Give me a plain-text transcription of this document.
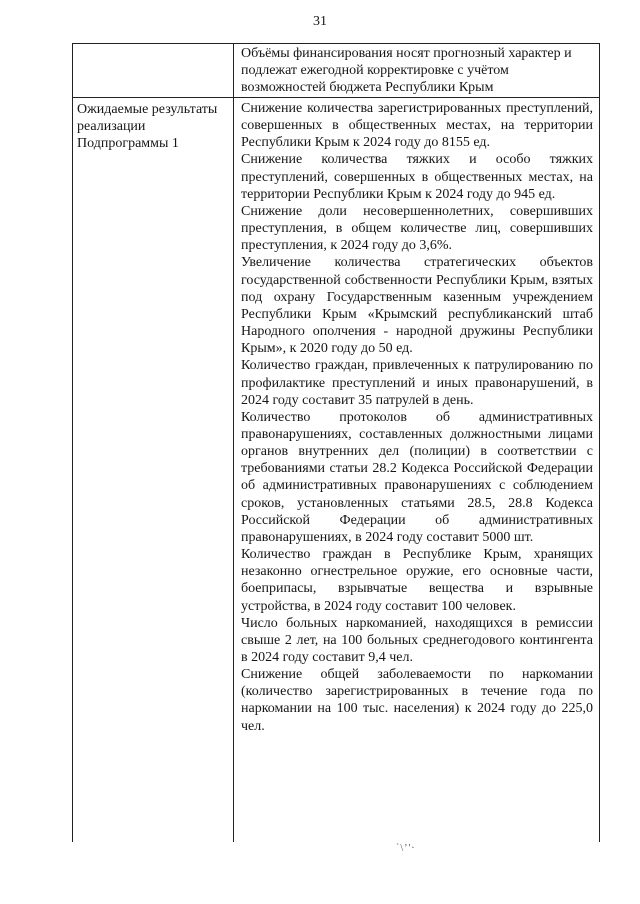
31
Объёмы финансирования носят прогнозный характер и подлежат ежегодной корректировке с учётом возможностей бюджета Республики Крым
Ожидаемые результаты реализации Подпрограммы 1
Снижение количества зарегистрированных преступлений, совершенных в общественных местах, на территории Республики Крым к 2024 году до 8155 ед.
Снижение количества тяжких и особо тяжких преступлений, совершенных в общественных местах, на территории Республики Крым к 2024 году до 945 ед.
Снижение доли несовершеннолетних, совершивших преступления, в общем количестве лиц, совершивших преступления, к 2024 году до 3,6%.
Увеличение количества стратегических объектов государственной собственности Республики Крым, взятых под охрану Государственным казенным учреждением Республики Крым «Крымский республиканский штаб Народного ополчения - народной дружины Республики Крым», к 2020 году до 50 ед.
Количество граждан, привлеченных к патрулированию по профилактике преступлений и иных правонарушений, в 2024 году составит 35 патрулей в день.
Количество протоколов об административных правонарушениях, составленных должностными лицами органов внутренних дел (полиции) в соответствии с требованиями статьи 28.2 Кодекса Российской Федерации об административных правонарушениях с соблюдением сроков, установленных статьями 28.5, 28.8 Кодекса Российской Федерации об административных правонарушениях, в 2024 году составит 5000 шт.
Количество граждан в Республике Крым, хранящих незаконно огнестрельное оружие, его основные части, боеприпасы, взрывчатые вещества и взрывные устройства, в 2024 году составит 100 человек.
Число больных наркоманией, находящихся в ремиссии свыше 2 лет, на 100 больных среднегодового контингента в 2024 году составит 9,4 чел.
Снижение общей заболеваемости по наркомании (количество зарегистрированных в течение года по наркомании на 100 тыс. населения) к 2024 году до 225,0 чел.
ˋ\ʼ'·
